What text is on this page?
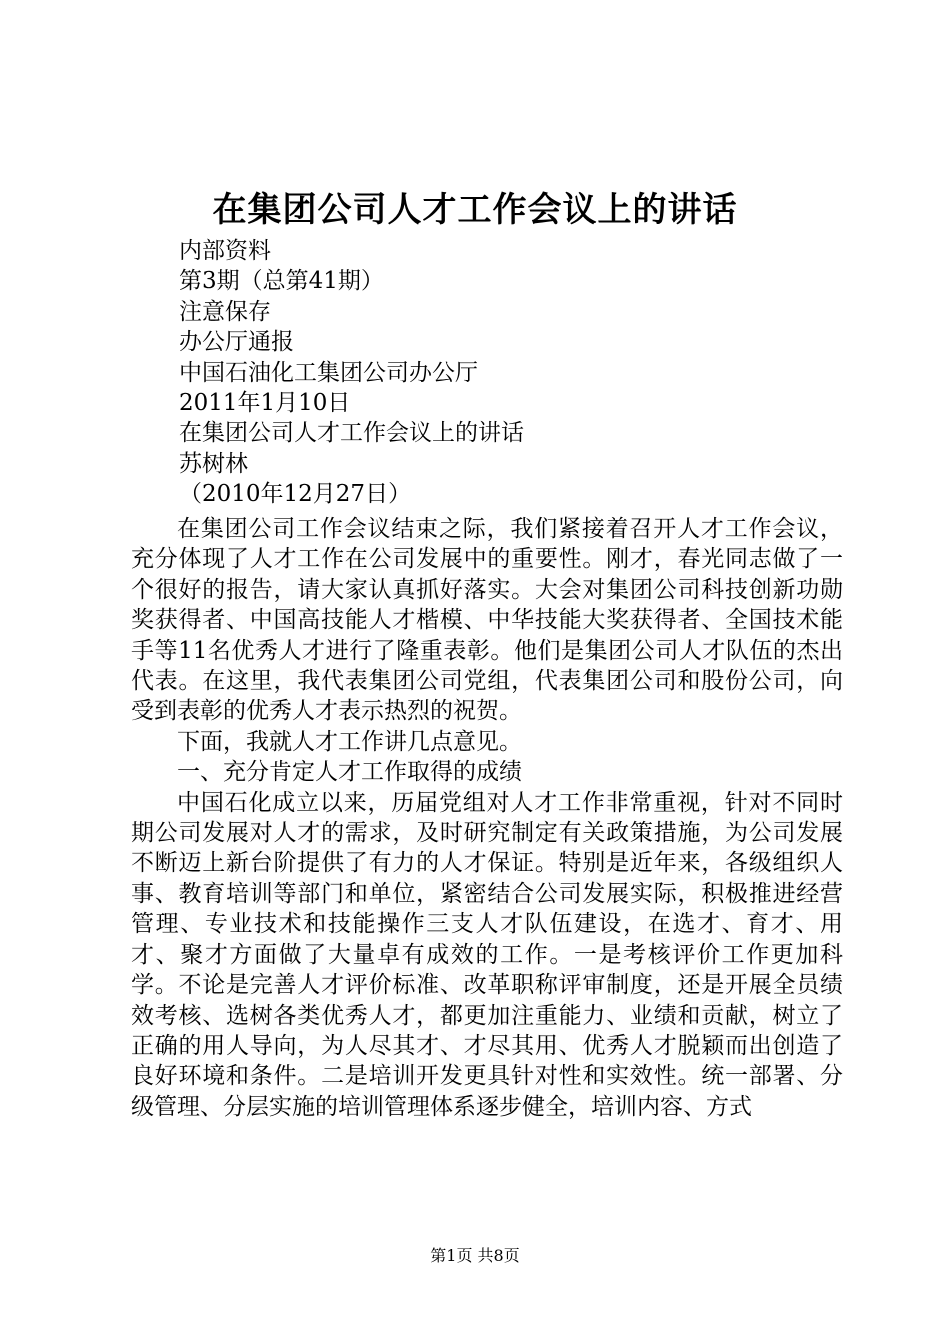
在集团公司人才工作会议上的讲话
内部资料
第3期（总第41期）
注意保存
办公厅通报
中国石油化工集团公司办公厅
2011年1月10日
在集团公司人才工作会议上的讲话
苏树林
（2010年12月27日）

在集团公司工作会议结束之际，我们紧接着召开人才工作会议，充分体现了人才工作在公司发展中的重要性。刚才，春光同志做了一个很好的报告，请大家认真抓好落实。大会对集团公司科技创新功勋奖获得者、中国高技能人才楷模、中华技能大奖获得者、全国技术能手等11名优秀人才进行了隆重表彰。他们是集团公司人才队伍的杰出代表。在这里，我代表集团公司党组，代表集团公司和股份公司，向受到表彰的优秀人才表示热烈的祝贺。

下面，我就人才工作讲几点意见。

一、充分肯定人才工作取得的成绩

中国石化成立以来，历届党组对人才工作非常重视，针对不同时期公司发展对人才的需求，及时研究制定有关政策措施，为公司发展不断迈上新台阶提供了有力的人才保证。特别是近年来，各级组织人事、教育培训等部门和单位，紧密结合公司发展实际，积极推进经营管理、专业技术和技能操作三支人才队伍建设，在选才、育才、用才、聚才方面做了大量卓有成效的工作。一是考核评价工作更加科学。不论是完善人才评价标准、改革职称评审制度，还是开展全员绩效考核、选树各类优秀人才，都更加注重能力、业绩和贡献，树立了正确的用人导向，为人尽其才、才尽其用、优秀人才脱颖而出创造了良好环境和条件。二是培训开发更具针对性和实效性。统一部署、分级管理、分层实施的培训管理体系逐步健全，培训内容、方式

第1页 共8页
